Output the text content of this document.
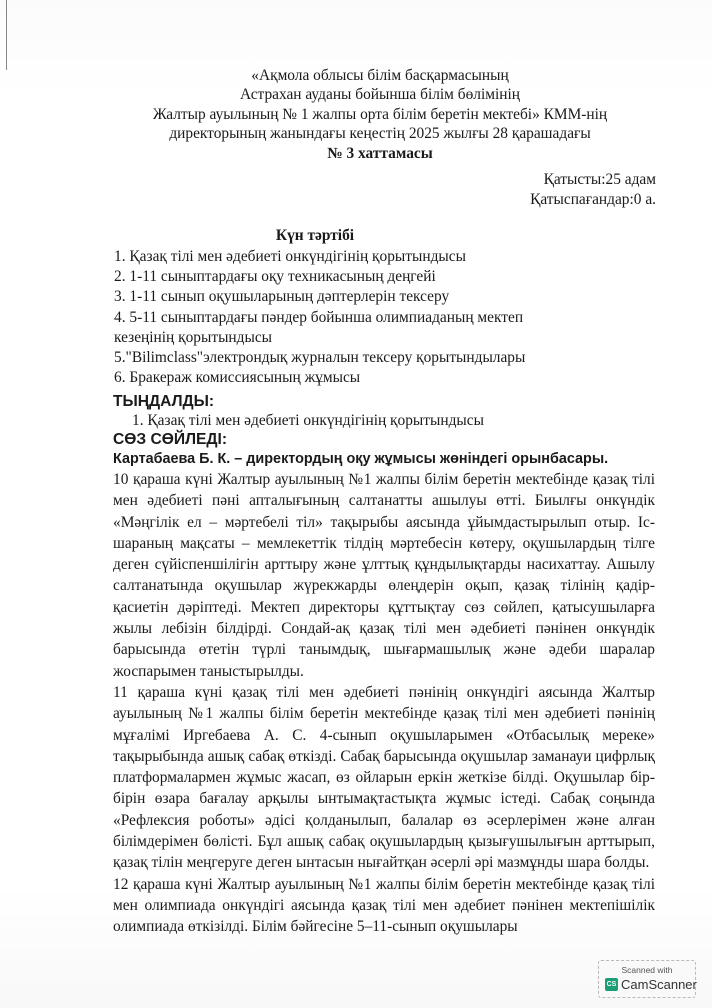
«Ақмола облысы білім басқармасының
Астрахан ауданы бойынша білім бөлімінің
Жалтыр ауылының № 1 жалпы орта білім беретін мектебі» КММ-нің
директорының жанындағы кеңестің 2025 жылғы 28 қарашадағы
№ 3 хаттамасы
Қатысты:25 адам
Қатыспағандар:0 а.
Күн тәртібі
1. Қазақ тілі мен әдебиеті онкүндігінің қорытындысы
2. 1-11 сыныптардағы оқу техникасының деңгейі
3. 1-11 сынып оқушыларының дәптерлерін тексеру
4. 5-11 сыныптардағы пәндер бойынша олимпиаданың мектеп кезеңінің қорытындысы
5."Bilimclass"электрондық журналын тексеру қорытындылары
6. Бракераж комиссиясының жұмысы
ТЫҢДАЛДЫ:
1. Қазақ тілі мен әдебиеті онкүндігінің қорытындысы
СӨЗ СӨЙЛЕДІ:
Картабаева Б. К. – директордың оқу жұмысы жөніндегі орынбасары.

10 қараша күні Жалтыр ауылының №1 жалпы білім беретін мектебінде қазақ тілі мен әдебиеті пәні апталығының салтанатты ашылуы өтті. Биылғы онкүндік «Мәңгілік ел – мәртебелі тіл» тақырыбы аясында ұйымдастырылып отыр. Іс-шараның мақсаты – мемлекеттік тілдің мәртебесін көтеру, оқушылардың тілге деген сүйіспеншілігін арттыру және ұлттық құндылықтарды насихаттау. Ашылу салтанатында оқушылар жүрекжарды өлеңдерін оқып, қазақ тілінің қадір-қасиетін дәріптеді. Мектеп директоры құттықтау сөз сөйлеп, қатысушыларға жылы лебізін білдірді. Сондай-ақ қазақ тілі мен әдебиеті пәнінен онкүндік барысында өтетін түрлі танымдық, шығармашылық және әдеби шаралар жоспарымен таныстырылды.

11 қараша күні қазақ тілі мен әдебиеті пәнінің онкүндігі аясында Жалтыр ауылының №1 жалпы білім беретін мектебінде қазақ тілі мен әдебиеті пәнінің мұғалімі Иргебаева А. С. 4-сынып оқушыларымен «Отбасылық мереке» тақырыбында ашық сабақ өткізді. Сабақ барысында оқушылар заманауи цифрлық платформалармен жұмыс жасап, өз ойларын еркін жеткізе білді. Оқушылар бір-бірін өзара бағалау арқылы ынтымақтастықта жұмыс істеді. Сабақ соңында «Рефлексия роботы» әдісі қолданылып, балалар өз әсерлерімен және алған білімдерімен бөлісті. Бұл ашық сабақ оқушылардың қызығушылығын арттырып, қазақ тілін меңгеруге деген ынтасын нығайтқан әсерлі әрі мазмұнды шара болды.

12 қараша күні Жалтыр ауылының №1 жалпы білім беретін мектебінде қазақ тілі мен олимпиада онкүндігі аясында қазақ тілі мен әдебиет пәнінен мектепішілік олимпиада өткізілді. Білім бәйгесіне 5–11-сынып оқушылары

Scanned with
CS CamScanner
